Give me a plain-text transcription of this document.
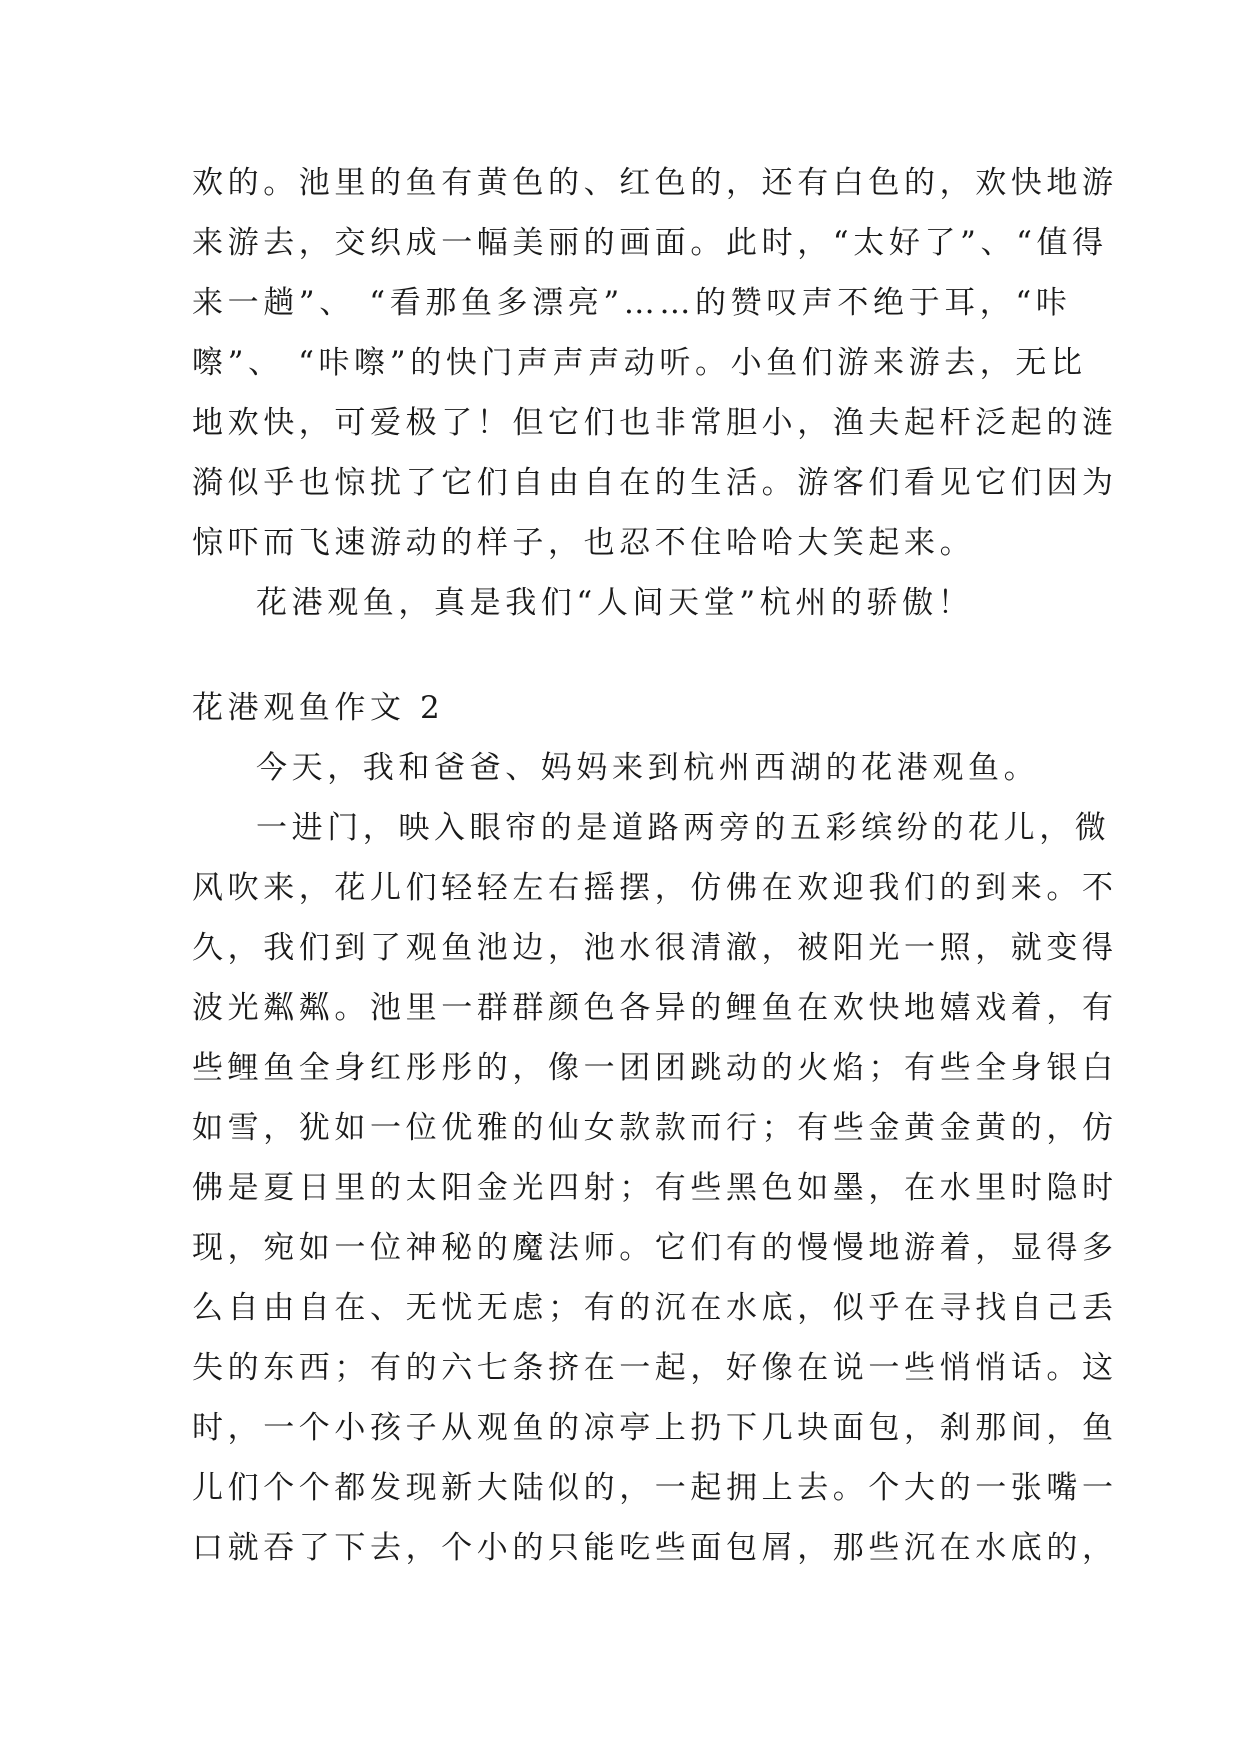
欢的。池里的鱼有黄色的、红色的，还有白色的，欢快地游
来游去，交织成一幅美丽的画面。此时，“太好了”、“值得
来一趟”、 “看那鱼多漂亮”……的赞叹声不绝于耳，“咔
嚓”、 “咔嚓”的快门声声声动听。小鱼们游来游去，无比
地欢快，可爱极了！但它们也非常胆小，渔夫起杆泛起的涟
漪似乎也惊扰了它们自由自在的生活。游客们看见它们因为
惊吓而飞速游动的样子，也忍不住哈哈大笑起来。
花港观鱼，真是我们“人间天堂”杭州的骄傲！
花港观鱼作文 2
今天，我和爸爸、妈妈来到杭州西湖的花港观鱼。
一进门，映入眼帘的是道路两旁的五彩缤纷的花儿，微
风吹来，花儿们轻轻左右摇摆，仿佛在欢迎我们的到来。不
久，我们到了观鱼池边，池水很清澈，被阳光一照，就变得
波光粼粼。池里一群群颜色各异的鲤鱼在欢快地嬉戏着，有
些鲤鱼全身红彤彤的，像一团团跳动的火焰；有些全身银白
如雪，犹如一位优雅的仙女款款而行；有些金黄金黄的，仿
佛是夏日里的太阳金光四射；有些黑色如墨，在水里时隐时
现，宛如一位神秘的魔法师。它们有的慢慢地游着，显得多
么自由自在、无忧无虑；有的沉在水底，似乎在寻找自己丢
失的东西；有的六七条挤在一起，好像在说一些悄悄话。这
时，一个小孩子从观鱼的凉亭上扔下几块面包，刹那间，鱼
儿们个个都发现新大陆似的，一起拥上去。个大的一张嘴一
口就吞了下去，个小的只能吃些面包屑，那些沉在水底的，
